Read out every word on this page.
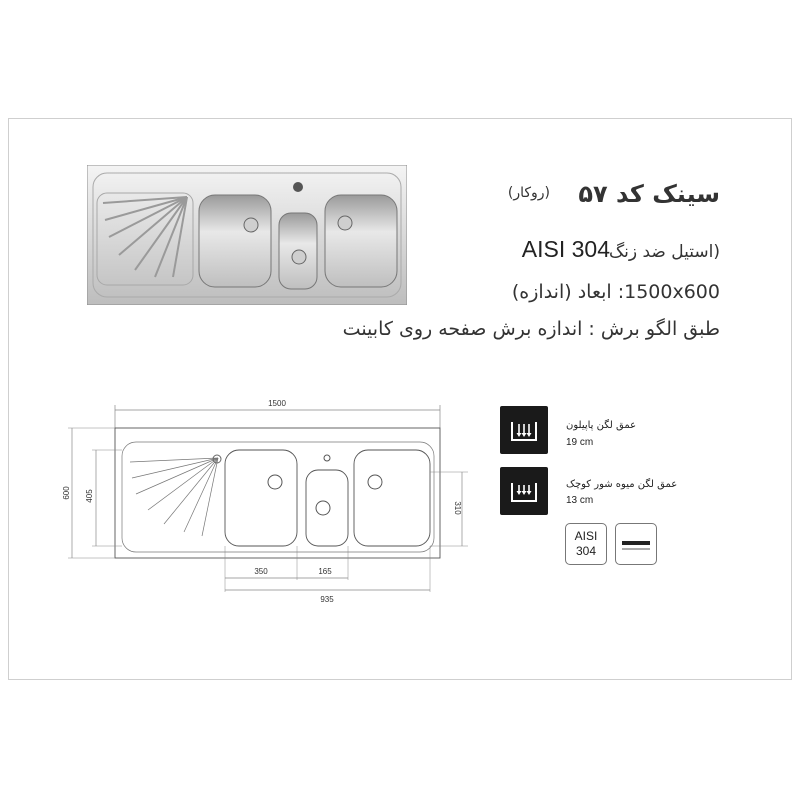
سینک کد ۵۷
(روکار)
(استیل ضد زنگ
AISI 304
1500x600: ابعاد (اندازه)
طبق الگو برش : اندازه برش صفحه روی کابینت
1500
600 405
310
350	165
935
عمق لگن پاپیلون
19 cm
عمق لگن میوه شور کوچک
13 cm
AISI
304
